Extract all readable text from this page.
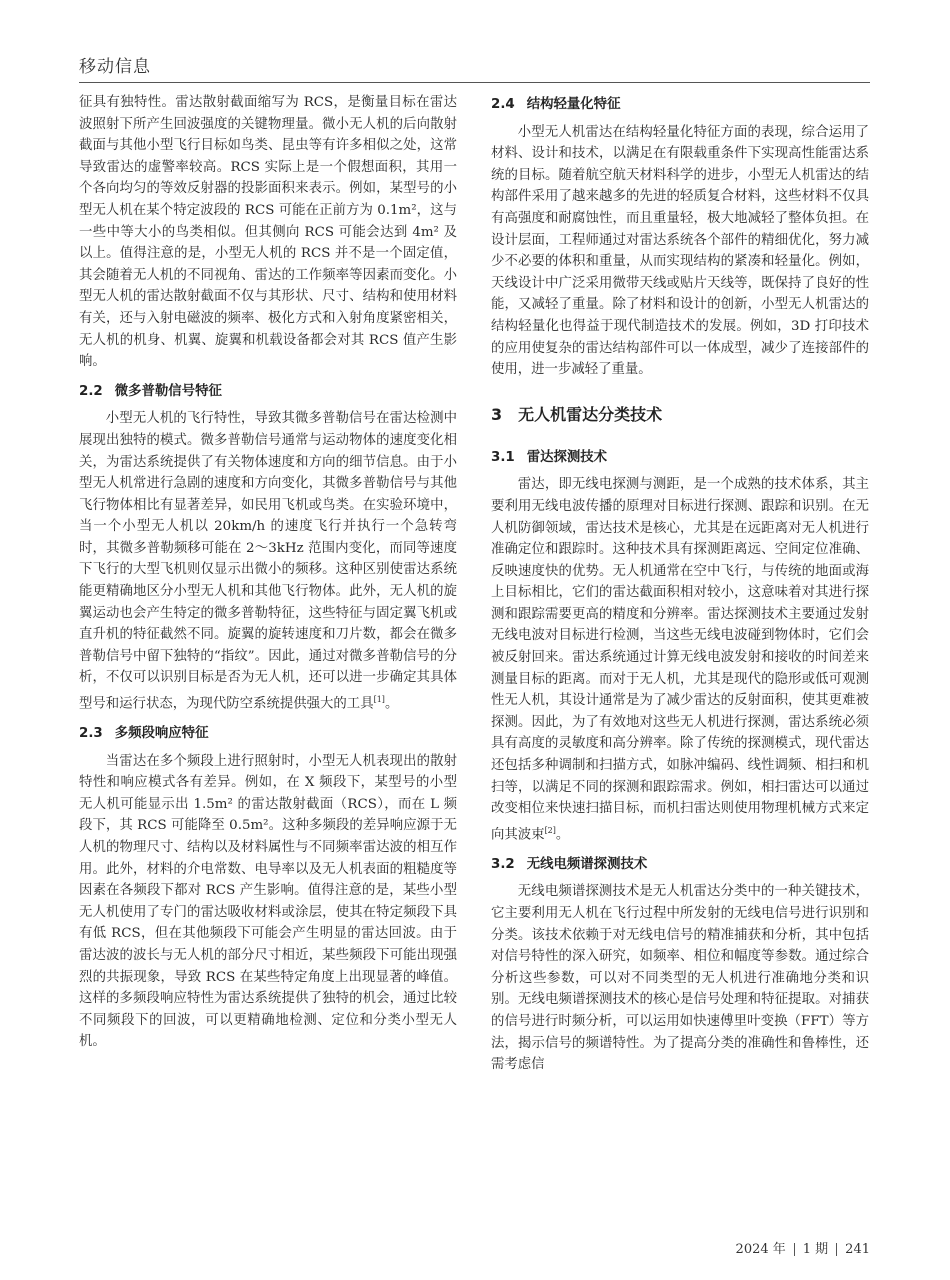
移动信息

征具有独特性。雷达散射截面缩写为 RCS，是衡量目标在雷达波照射下所产生回波强度的关键物理量。微小无人机的后向散射截面与其他小型飞行目标如鸟类、昆虫等有许多相似之处，这常导致雷达的虚警率较高。RCS 实际上是一个假想面积，其用一个各向均匀的等效反射器的投影面积来表示。例如，某型号的小型无人机在某个特定波段的 RCS 可能在正前方为 0.1m²，这与一些中等大小的鸟类相似。但其侧向 RCS 可能会达到 4m² 及以上。值得注意的是，小型无人机的 RCS 并不是一个固定值，其会随着无人机的不同视角、雷达的工作频率等因素而变化。小型无人机的雷达散射截面不仅与其形状、尺寸、结构和使用材料有关，还与入射电磁波的频率、极化方式和入射角度紧密相关，无人机的机身、机翼、旋翼和机载设备都会对其 RCS 值产生影响。

2.2 微多普勒信号特征

小型无人机的飞行特性，导致其微多普勒信号在雷达检测中展现出独特的模式。微多普勒信号通常与运动物体的速度变化相关，为雷达系统提供了有关物体速度和方向的细节信息。由于小型无人机常进行急剧的速度和方向变化，其微多普勒信号与其他飞行物体相比有显著差异，如民用飞机或鸟类。在实验环境中，当一个小型无人机以 20km/h 的速度飞行并执行一个急转弯时，其微多普勒频移可能在 2～3kHz 范围内变化，而同等速度下飞行的大型飞机则仅显示出微小的频移。这种区别使雷达系统能更精确地区分小型无人机和其他飞行物体。此外，无人机的旋翼运动也会产生特定的微多普勒特征，这些特征与固定翼飞机或直升机的特征截然不同。旋翼的旋转速度和刀片数，都会在微多普勒信号中留下独特的“指纹”。因此，通过对微多普勒信号的分析，不仅可以识别目标是否为无人机，还可以进一步确定其具体型号和运行状态，为现代防空系统提供强大的工具[1]。

2.3 多频段响应特征

当雷达在多个频段上进行照射时，小型无人机表现出的散射特性和响应模式各有差异。例如，在 X 频段下，某型号的小型无人机可能显示出 1.5m² 的雷达散射截面（RCS），而在 L 频段下，其 RCS 可能降至 0.5m²。这种多频段的差异响应源于无人机的物理尺寸、结构以及材料属性与不同频率雷达波的相互作用。此外，材料的介电常数、电导率以及无人机表面的粗糙度等因素在各频段下都对 RCS 产生影响。值得注意的是，某些小型无人机使用了专门的雷达吸收材料或涂层，使其在特定频段下具有低 RCS，但在其他频段下可能会产生明显的雷达回波。由于雷达波的波长与无人机的部分尺寸相近，某些频段下可能出现强烈的共振现象，导致 RCS 在某些特定角度上出现显著的峰值。这样的多频段响应特性为雷达系统提供了独特的机会，通过比较不同频段下的回波，可以更精确地检测、定位和分类小型无人机。

2.4 结构轻量化特征

小型无人机雷达在结构轻量化特征方面的表现，综合运用了材料、设计和技术，以满足在有限载重条件下实现高性能雷达系统的目标。随着航空航天材料科学的进步，小型无人机雷达的结构部件采用了越来越多的先进的轻质复合材料，这些材料不仅具有高强度和耐腐蚀性，而且重量轻，极大地减轻了整体负担。在设计层面，工程师通过对雷达系统各个部件的精细优化，努力减少不必要的体积和重量，从而实现结构的紧凑和轻量化。例如，天线设计中广泛采用微带天线或贴片天线等，既保持了良好的性能，又减轻了重量。除了材料和设计的创新，小型无人机雷达的结构轻量化也得益于现代制造技术的发展。例如，3D 打印技术的应用使复杂的雷达结构部件可以一体成型，减少了连接部件的使用，进一步减轻了重量。

3 无人机雷达分类技术
3.1 雷达探测技术

雷达，即无线电探测与测距，是一个成熟的技术体系，其主要利用无线电波传播的原理对目标进行探测、跟踪和识别。在无人机防御领域，雷达技术是核心，尤其是在远距离对无人机进行准确定位和跟踪时。这种技术具有探测距离远、空间定位准确、反映速度快的优势。无人机通常在空中飞行，与传统的地面或海上目标相比，它们的雷达截面积相对较小，这意味着对其进行探测和跟踪需要更高的精度和分辨率。雷达探测技术主要通过发射无线电波对目标进行检测，当这些无线电波碰到物体时，它们会被反射回来。雷达系统通过计算无线电波发射和接收的时间差来测量目标的距离。而对于无人机，尤其是现代的隐形或低可观测性无人机，其设计通常是为了减少雷达的反射面积，使其更难被探测。因此，为了有效地对这些无人机进行探测，雷达系统必须具有高度的灵敏度和高分辨率。除了传统的探测模式，现代雷达还包括多种调制和扫描方式，如脉冲编码、线性调频、相扫和机扫等，以满足不同的探测和跟踪需求。例如，相扫雷达可以通过改变相位来快速扫描目标，而机扫雷达则使用物理机械方式来定向其波束[2]。

3.2 无线电频谱探测技术

无线电频谱探测技术是无人机雷达分类中的一种关键技术，它主要利用无人机在飞行过程中所发射的无线电信号进行识别和分类。该技术依赖于对无线电信号的精准捕获和分析，其中包括对信号特性的深入研究，如频率、相位和幅度等参数。通过综合分析这些参数，可以对不同类型的无人机进行准确地分类和识别。无线电频谱探测技术的核心是信号处理和特征提取。对捕获的信号进行时频分析，可以运用如快速傅里叶变换（FFT）等方法，揭示信号的频谱特性。为了提高分类的准确性和鲁棒性，还需考虑信

2024 年 1 期 241
